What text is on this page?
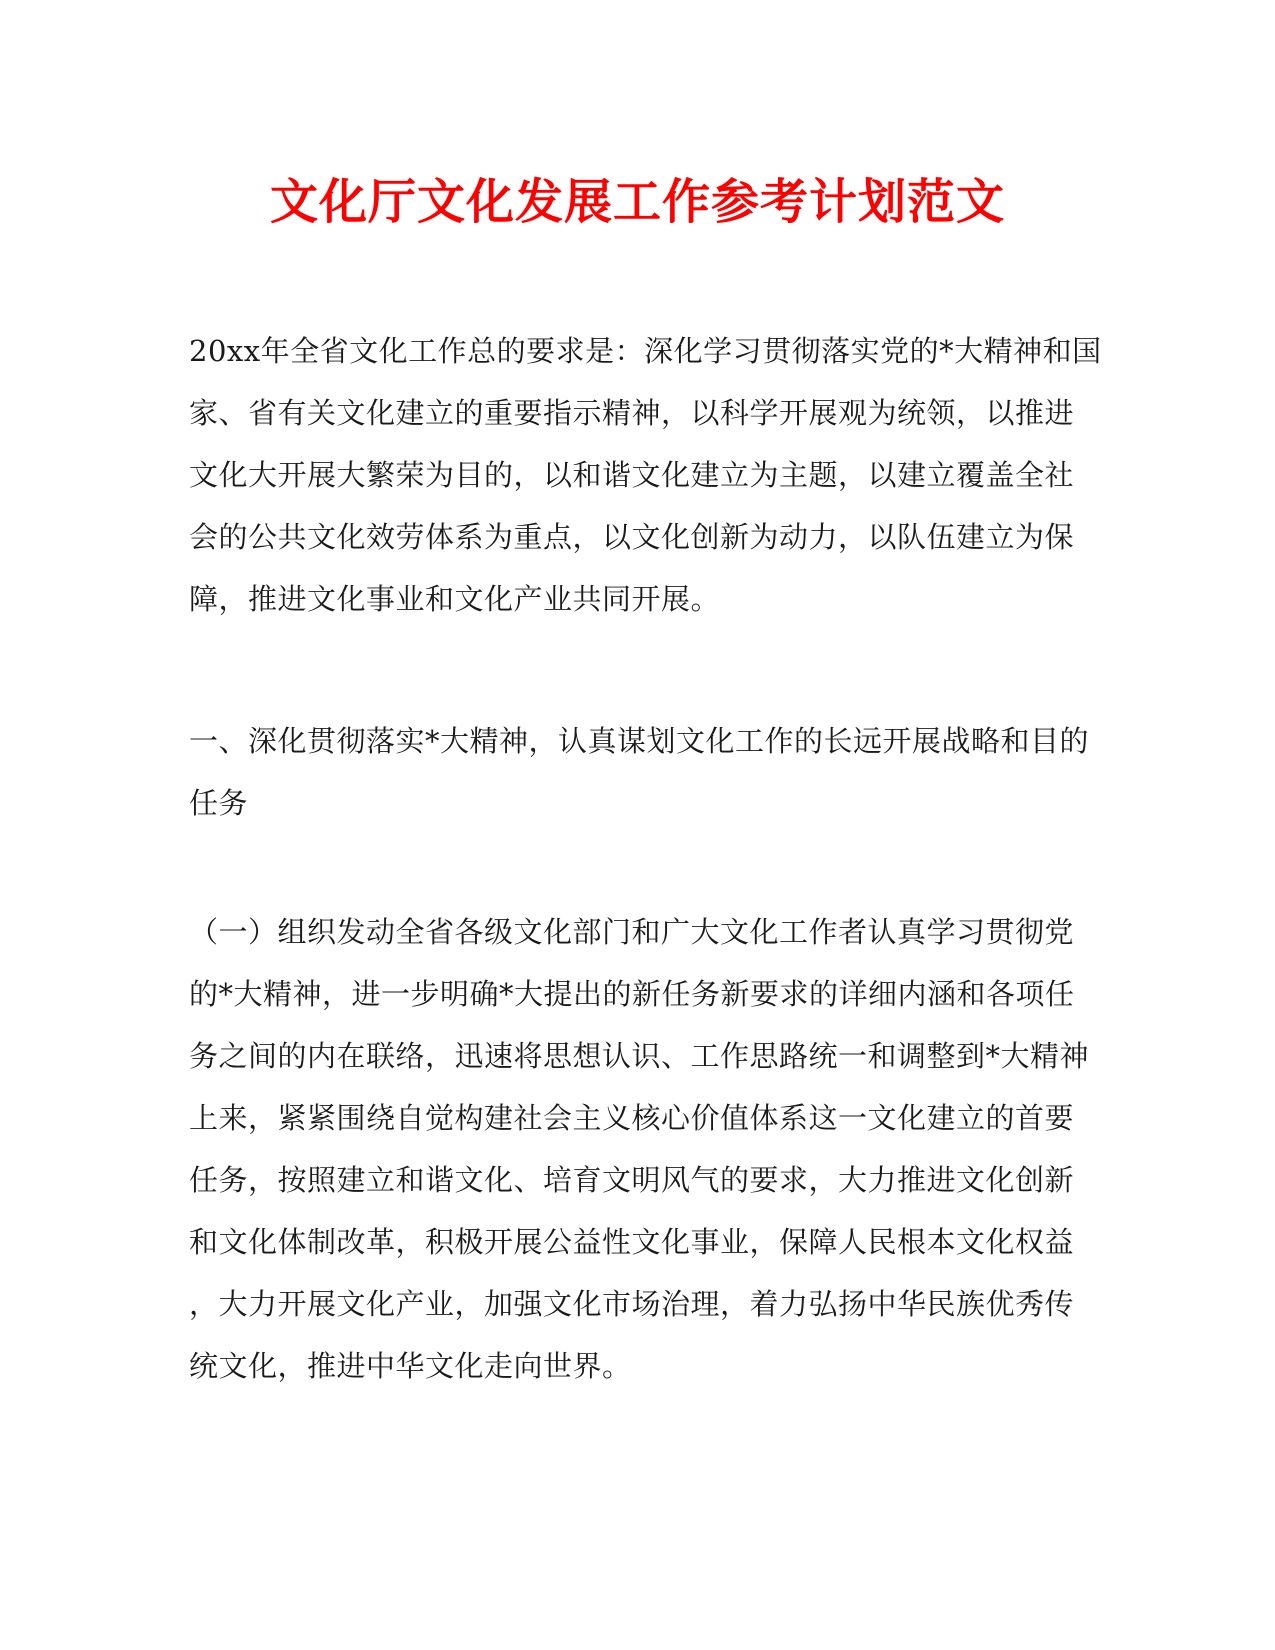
文化厅文化发展工作参考计划范文

20xx年全省文化工作总的要求是：深化学习贯彻落实党的*大精神和国
家、省有关文化建立的重要指示精神，以科学开展观为统领，以推进
文化大开展大繁荣为目的，以和谐文化建立为主题，以建立覆盖全社
会的公共文化效劳体系为重点，以文化创新为动力，以队伍建立为保
障，推进文化事业和文化产业共同开展。

一、深化贯彻落实*大精神，认真谋划文化工作的长远开展战略和目的
任务

（一）组织发动全省各级文化部门和广大文化工作者认真学习贯彻党
的*大精神，进一步明确*大提出的新任务新要求的详细内涵和各项任
务之间的内在联络，迅速将思想认识、工作思路统一和调整到*大精神
上来，紧紧围绕自觉构建社会主义核心价值体系这一文化建立的首要
任务，按照建立和谐文化、培育文明风气的要求，大力推进文化创新
和文化体制改革，积极开展公益性文化事业，保障人民根本文化权益
，大力开展文化产业，加强文化市场治理，着力弘扬中华民族优秀传
统文化，推进中华文化走向世界。
